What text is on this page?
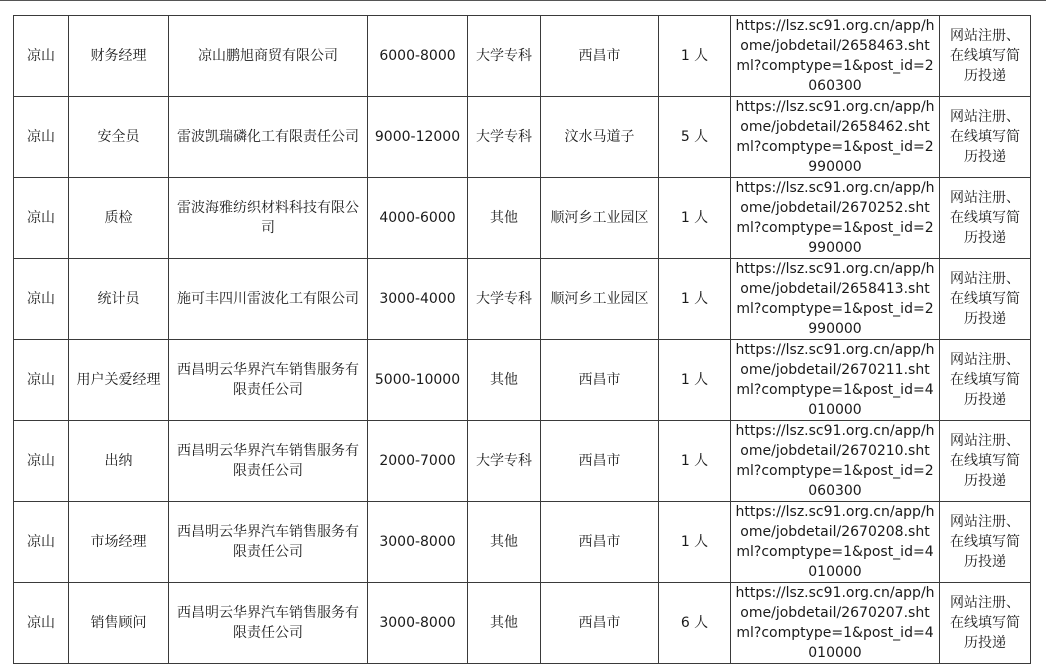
凉山	财务经理	凉山鹏旭商贸有限公司	6000-8000	大学专科	西昌市	1 人	https://lsz.sc91.org.cn/app/home/jobdetail/2658463.shtml?comptype=1&post_id=2060300	网站注册、在线填写简历投递
凉山	安全员	雷波凯瑞磷化工有限责任公司	9000-12000	大学专科	汶水马道子	5 人	https://lsz.sc91.org.cn/app/home/jobdetail/2658462.shtml?comptype=1&post_id=2990000	网站注册、在线填写简历投递
凉山	质检	雷波海雅纺织材料科技有限公司	4000-6000	其他	顺河乡工业园区	1 人	https://lsz.sc91.org.cn/app/home/jobdetail/2670252.shtml?comptype=1&post_id=2990000	网站注册、在线填写简历投递
凉山	统计员	施可丰四川雷波化工有限公司	3000-4000	大学专科	顺河乡工业园区	1 人	https://lsz.sc91.org.cn/app/home/jobdetail/2658413.shtml?comptype=1&post_id=2990000	网站注册、在线填写简历投递
凉山	用户关爱经理	西昌明云华界汽车销售服务有限责任公司	5000-10000	其他	西昌市	1 人	https://lsz.sc91.org.cn/app/home/jobdetail/2670211.shtml?comptype=1&post_id=4010000	网站注册、在线填写简历投递
凉山	出纳	西昌明云华界汽车销售服务有限责任公司	2000-7000	大学专科	西昌市	1 人	https://lsz.sc91.org.cn/app/home/jobdetail/2670210.shtml?comptype=1&post_id=2060300	网站注册、在线填写简历投递
凉山	市场经理	西昌明云华界汽车销售服务有限责任公司	3000-8000	其他	西昌市	1 人	https://lsz.sc91.org.cn/app/home/jobdetail/2670208.shtml?comptype=1&post_id=4010000	网站注册、在线填写简历投递
凉山	销售顾问	西昌明云华界汽车销售服务有限责任公司	3000-8000	其他	西昌市	6 人	https://lsz.sc91.org.cn/app/home/jobdetail/2670207.shtml?comptype=1&post_id=4010000	网站注册、在线填写简历投递
